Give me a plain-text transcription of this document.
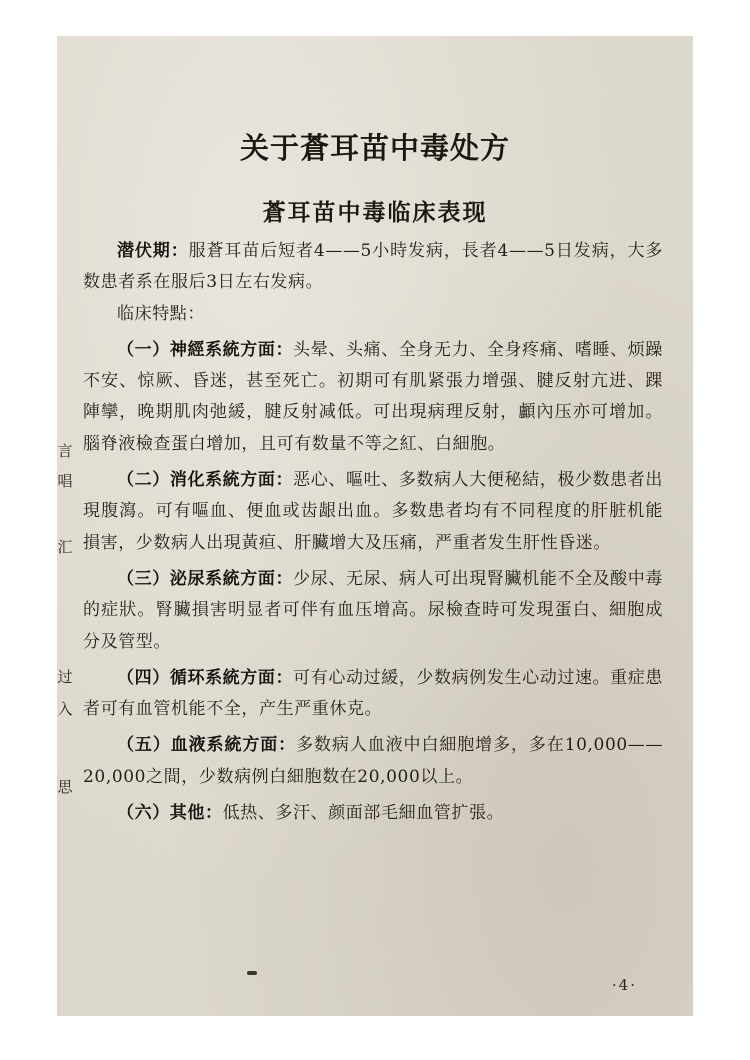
言
唱
汇
过
入
思
关于蒼耳苗中毒处方
蒼耳苗中毒临床表现

潜伏期：服蒼耳苗后短者4——5小時发病，長者4——5日发病，大多数患者系在服后3日左右发病。

临床特點：

（一）神經系統方面：头晕、头痛、全身无力、全身疼痛、嗜睡、烦躁不安、惊厥、昏迷，甚至死亡。初期可有肌紧張力增强、腱反射亢进、踝陣攣，晚期肌肉弛緩，腱反射减低。可出現病理反射，顱內压亦可增加。腦脊液檢查蛋白增加，且可有数量不等之紅、白細胞。

（二）消化系統方面：恶心、嘔吐、多数病人大便秘結，极少数患者出現腹瀉。可有嘔血、便血或齿龈出血。多数患者均有不同程度的肝脏机能損害，少数病人出現黃疸、肝臟增大及压痛，严重者发生肝性昏迷。

（三）泌尿系統方面：少尿、无尿、病人可出現腎臟机能不全及酸中毒的症狀。腎臟損害明显者可伴有血压增高。尿檢查時可发現蛋白、細胞成分及管型。

（四）循环系統方面：可有心动过緩，少数病例发生心动过速。重症患者可有血管机能不全，产生严重休克。

（五）血液系統方面：多数病人血液中白細胞增多，多在10,000——20,000之間，少数病例白細胞数在20,000以上。

（六）其他：低热、多汗、颜面部毛細血管扩張。

·4·
